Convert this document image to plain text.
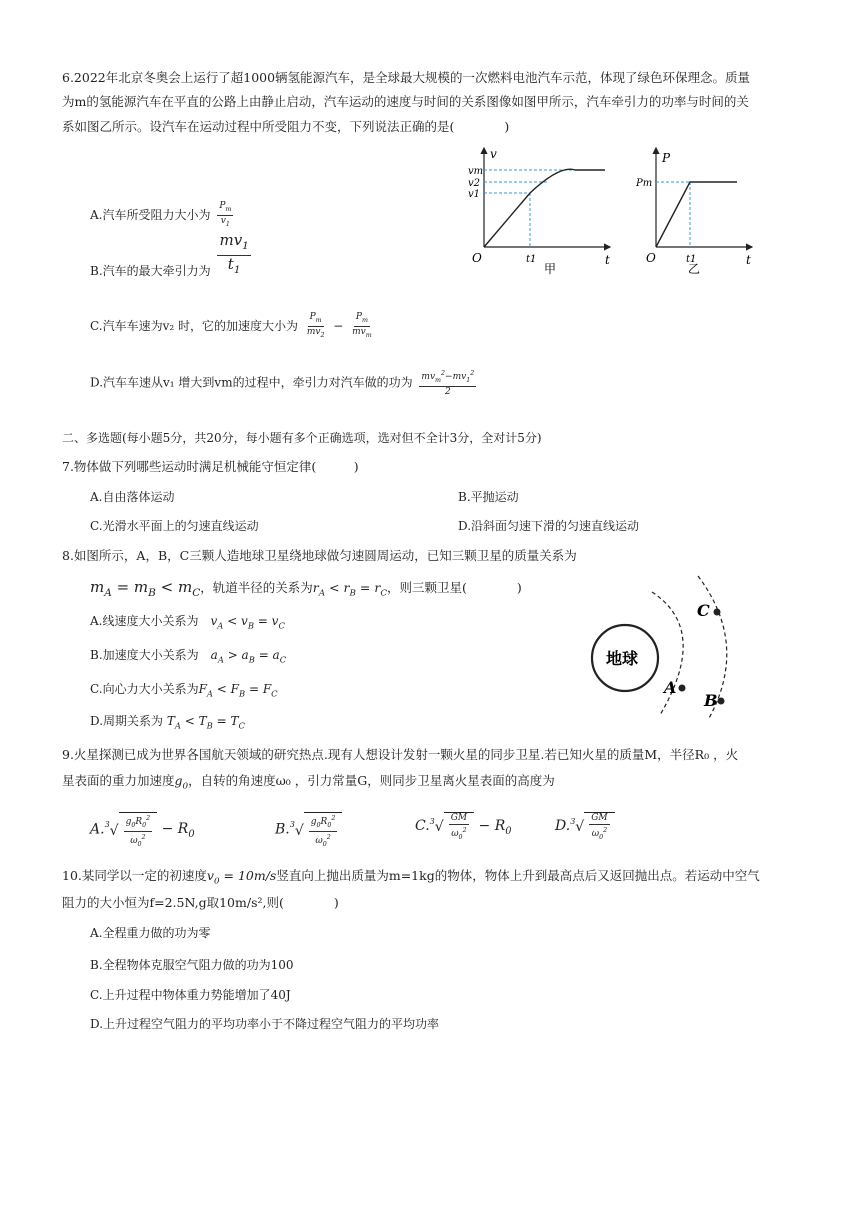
6.2022年北京冬奥会上运行了超1000辆氢能源汽车，是全球最大规模的一次燃料电池汽车示范，体现了绿色环保理念。质量
为m的氢能源汽车在平直的公路上由静止启动，汽车运动的速度与时间的关系图像如图甲所示，汽车牵引力的功率与时间的关
系如图乙所示。设汽车在运动过程中所受阻力不变，下列说法正确的是(　　　　)
A.汽车所受阻力大小为 $\frac{P_m}{v_1}$
B.汽车的最大牵引力为 $\frac{mv_1}{t_1}$
C.汽车车速为v₂ 时，它的加速度大小为 $\frac{P_m}{mv_2} - \frac{P_m}{mv_m}$
D.汽车车速从v₁ 增大到vm的过程中，牵引力对汽车做的功为 $\frac{mv_m^2-mv_1^2}{2}$
v
t
O
vm
v2
v1
t1
甲
P
t
O
Pm
t1
乙
二、多选题(每小题5分，共20分，每小题有多个正确选项，选对但不全计3分，全对计5分)
7.物体做下列哪些运动时满足机械能守恒定律(　　　)
A.自由落体运动	B.平抛运动
C.光滑水平面上的匀速直线运动	D.沿斜面匀速下滑的匀速直线运动
8.如图所示，A，B，C三颗人造地球卫星绕地球做匀速圆周运动，已知三颗卫星的质量关系为
$m_A = m_B < m_C$，轨道半径的关系为$r_A < r_B = r_C$，则三颗卫星(　　　　)
A.线速度大小关系为　 $v_A < v_B = v_C$
B.加速度大小关系为　 $a_A > a_B = a_C$
C.向心力大小关系为$F_A < F_B = F_C$
D.周期关系为 $T_A < T_B = T_C$
地球
A
C
B
9.火星探测已成为世界各国航天领域的研究热点.现有人想设计发射一颗火星的同步卫星.若已知火星的质量M，半径R₀ ，火
星表面的重力加速度$g_0$，自转的角速度ω₀ ，引力常量G，则同步卫星离火星表面的高度为
A.$^3$ √ $\frac{g_0R_0^2}{\omega_0^2} - R_0$	B.$^3$ √ $\frac{g_0R_0^2}{\omega_0^2}$	C.$^3$ √ $\frac{GM}{\omega_0^2} - R_0$	D.$^3$ √ $\frac{GM}{\omega_0^2}$
10.某同学以一定的初速度$v_0 = 10m/s$竖直向上抛出质量为m=1kg的物体，物体上升到最高点后又返回抛出点。若运动中空气
阻力的大小恒为f=2.5N,g取10m/s²,则(　　　　)
A.全程重力做的功为零
B.全程物体克服空气阻力做的功为100
C.上升过程中物体重力势能增加了40J
D.上升过程空气阻力的平均功率小于不降过程空气阻力的平均功率
